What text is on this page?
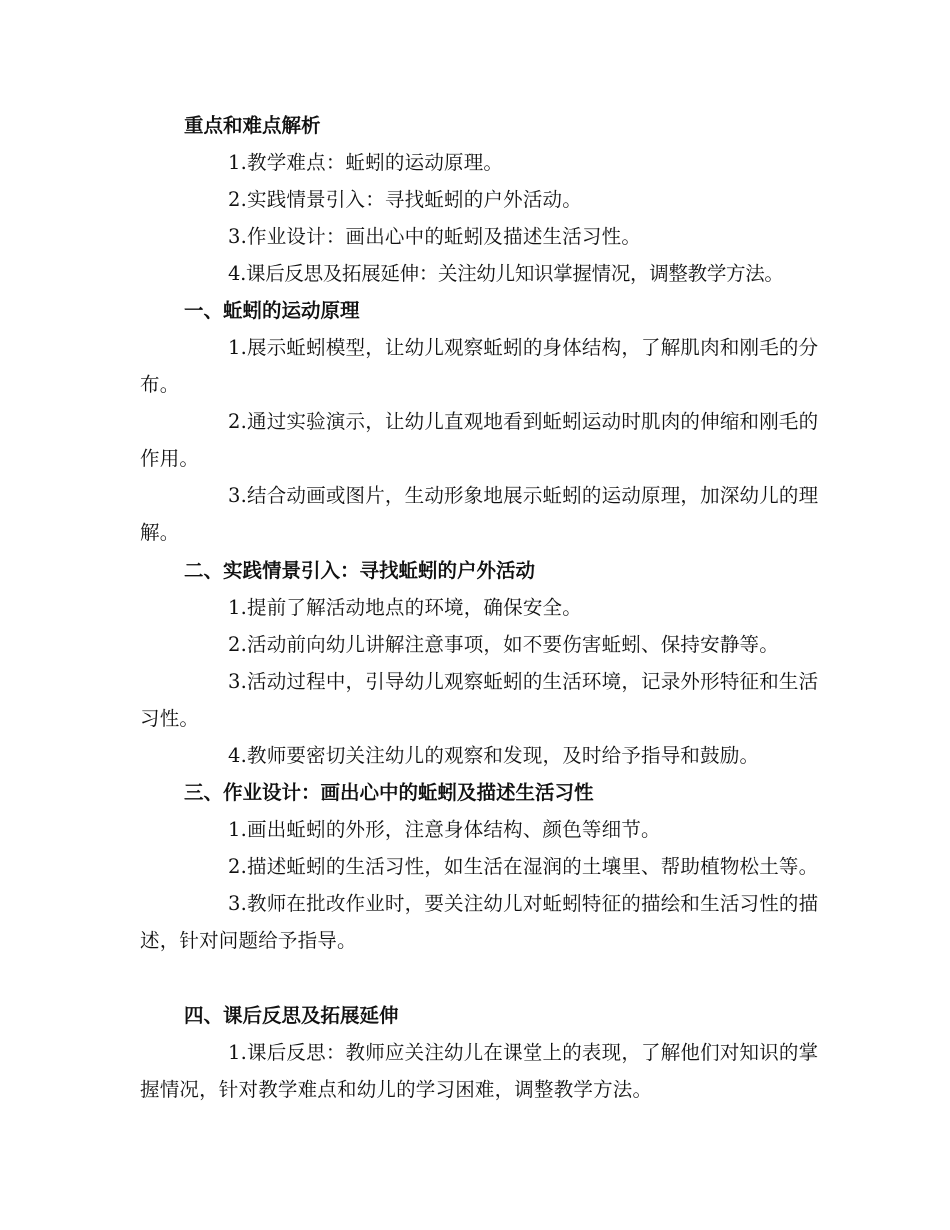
重点和难点解析

1.教学难点：蚯蚓的运动原理。

2.实践情景引入：寻找蚯蚓的户外活动。

3.作业设计：画出心中的蚯蚓及描述生活习性。

4.课后反思及拓展延伸：关注幼儿知识掌握情况，调整教学方法。

一、蚯蚓的运动原理

1.展示蚯蚓模型，让幼儿观察蚯蚓的身体结构，了解肌肉和刚毛的分布。

2.通过实验演示，让幼儿直观地看到蚯蚓运动时肌肉的伸缩和刚毛的作用。

3.结合动画或图片，生动形象地展示蚯蚓的运动原理，加深幼儿的理解。

二、实践情景引入：寻找蚯蚓的户外活动

1.提前了解活动地点的环境，确保安全。

2.活动前向幼儿讲解注意事项，如不要伤害蚯蚓、保持安静等。

3.活动过程中，引导幼儿观察蚯蚓的生活环境，记录外形特征和生活习性。

4.教师要密切关注幼儿的观察和发现，及时给予指导和鼓励。

三、作业设计：画出心中的蚯蚓及描述生活习性

1.画出蚯蚓的外形，注意身体结构、颜色等细节。

2.描述蚯蚓的生活习性，如生活在湿润的土壤里、帮助植物松土等。

3.教师在批改作业时，要关注幼儿对蚯蚓特征的描绘和生活习性的描述，针对问题给予指导。

四、课后反思及拓展延伸

1.课后反思：教师应关注幼儿在课堂上的表现，了解他们对知识的掌握情况，针对教学难点和幼儿的学习困难，调整教学方法。
